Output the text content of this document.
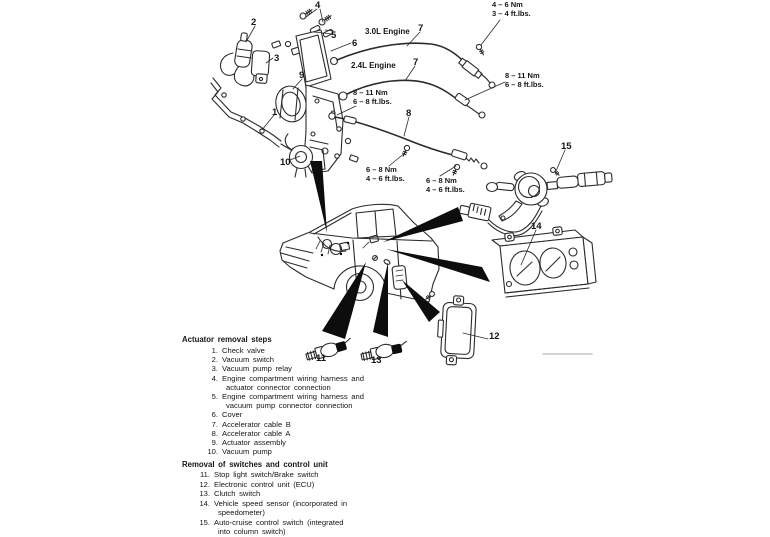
1
2
3
4
5
6
7
7
8
9
10
11
12
13
14
15
3.0L Engine
2.4L Engine
4 – 6 Nm
3 – 4 ft.lbs.
8 – 11 Nm
6 – 8 ft.lbs.
8 – 11 Nm
6 – 8 ft.lbs.
6 – 8 Nm
4 – 6 ft.lbs.	6 – 8 Nm
4 – 6 ft.lbs.
Actuator removal steps
1. Check valve
2. Vacuum switch
3. Vacuum pump relay
4. Engine compartment wiring harness and
actuator connector connection
5. Engine compartment wiring harness and
vacuum pump connector connection
6. Cover
7. Accelerator cable B
8. Accelerator cable A
9. Actuator assembly
10. Vacuum pump
Removal of switches and control unit
11. Stop light switch/Brake switch
12. Electronic control unit (ECU)
13. Clutch switch
14. Vehicle speed sensor (incorporated in
speedometer)
15. Auto-cruise control switch (integrated
into column switch)
